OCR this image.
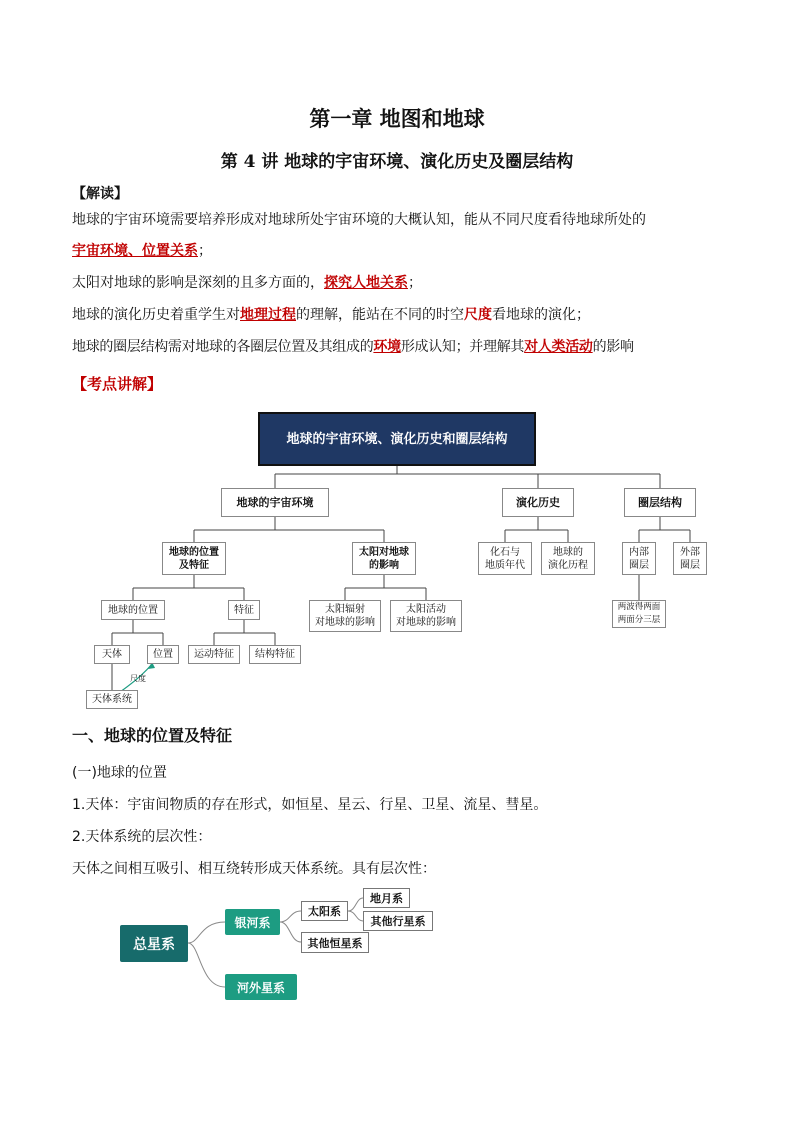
第一章 地图和地球
第 4 讲 地球的宇宙环境、演化历史及圈层结构
【解读】
地球的宇宙环境需要培养形成对地球所处宇宙环境的大概认知，能从不同尺度看待地球所处的
宇宙环境、位置关系；
太阳对地球的影响是深刻的且多方面的，探究人地关系；
地球的演化历史着重学生对地理过程的理解，能站在不同的时空尺度看地球的演化；
地球的圈层结构需对地球的各圈层位置及其组成的环境形成认知；并理解其对人类活动的影响
【考点讲解】
地球的宇宙环境、演化历史和圈层结构
地球的宇宙环境	演化历史	圈层结构
地球的位置
及特征
太阳对地球
的影响
化石与
地质年代
地球的
演化历程
内部
圈层
外部
圈层
两波得两面
两面分三层
地球的位置	特征	太阳辐射
对地球的影响
太阳活动
对地球的影响
天体	位置	运动特征	结构特征
尺度
天体系统
一、地球的位置及特征
(一)地球的位置
1.天体：宇宙间物质的存在形式，如恒星、星云、行星、卫星、流星、彗星。
2.天体系统的层次性：
天体之间相互吸引、相互绕转形成天体系统。具有层次性：
总星系
银河系
河外星系
太阳系
其他恒星系
地月系
其他行星系
